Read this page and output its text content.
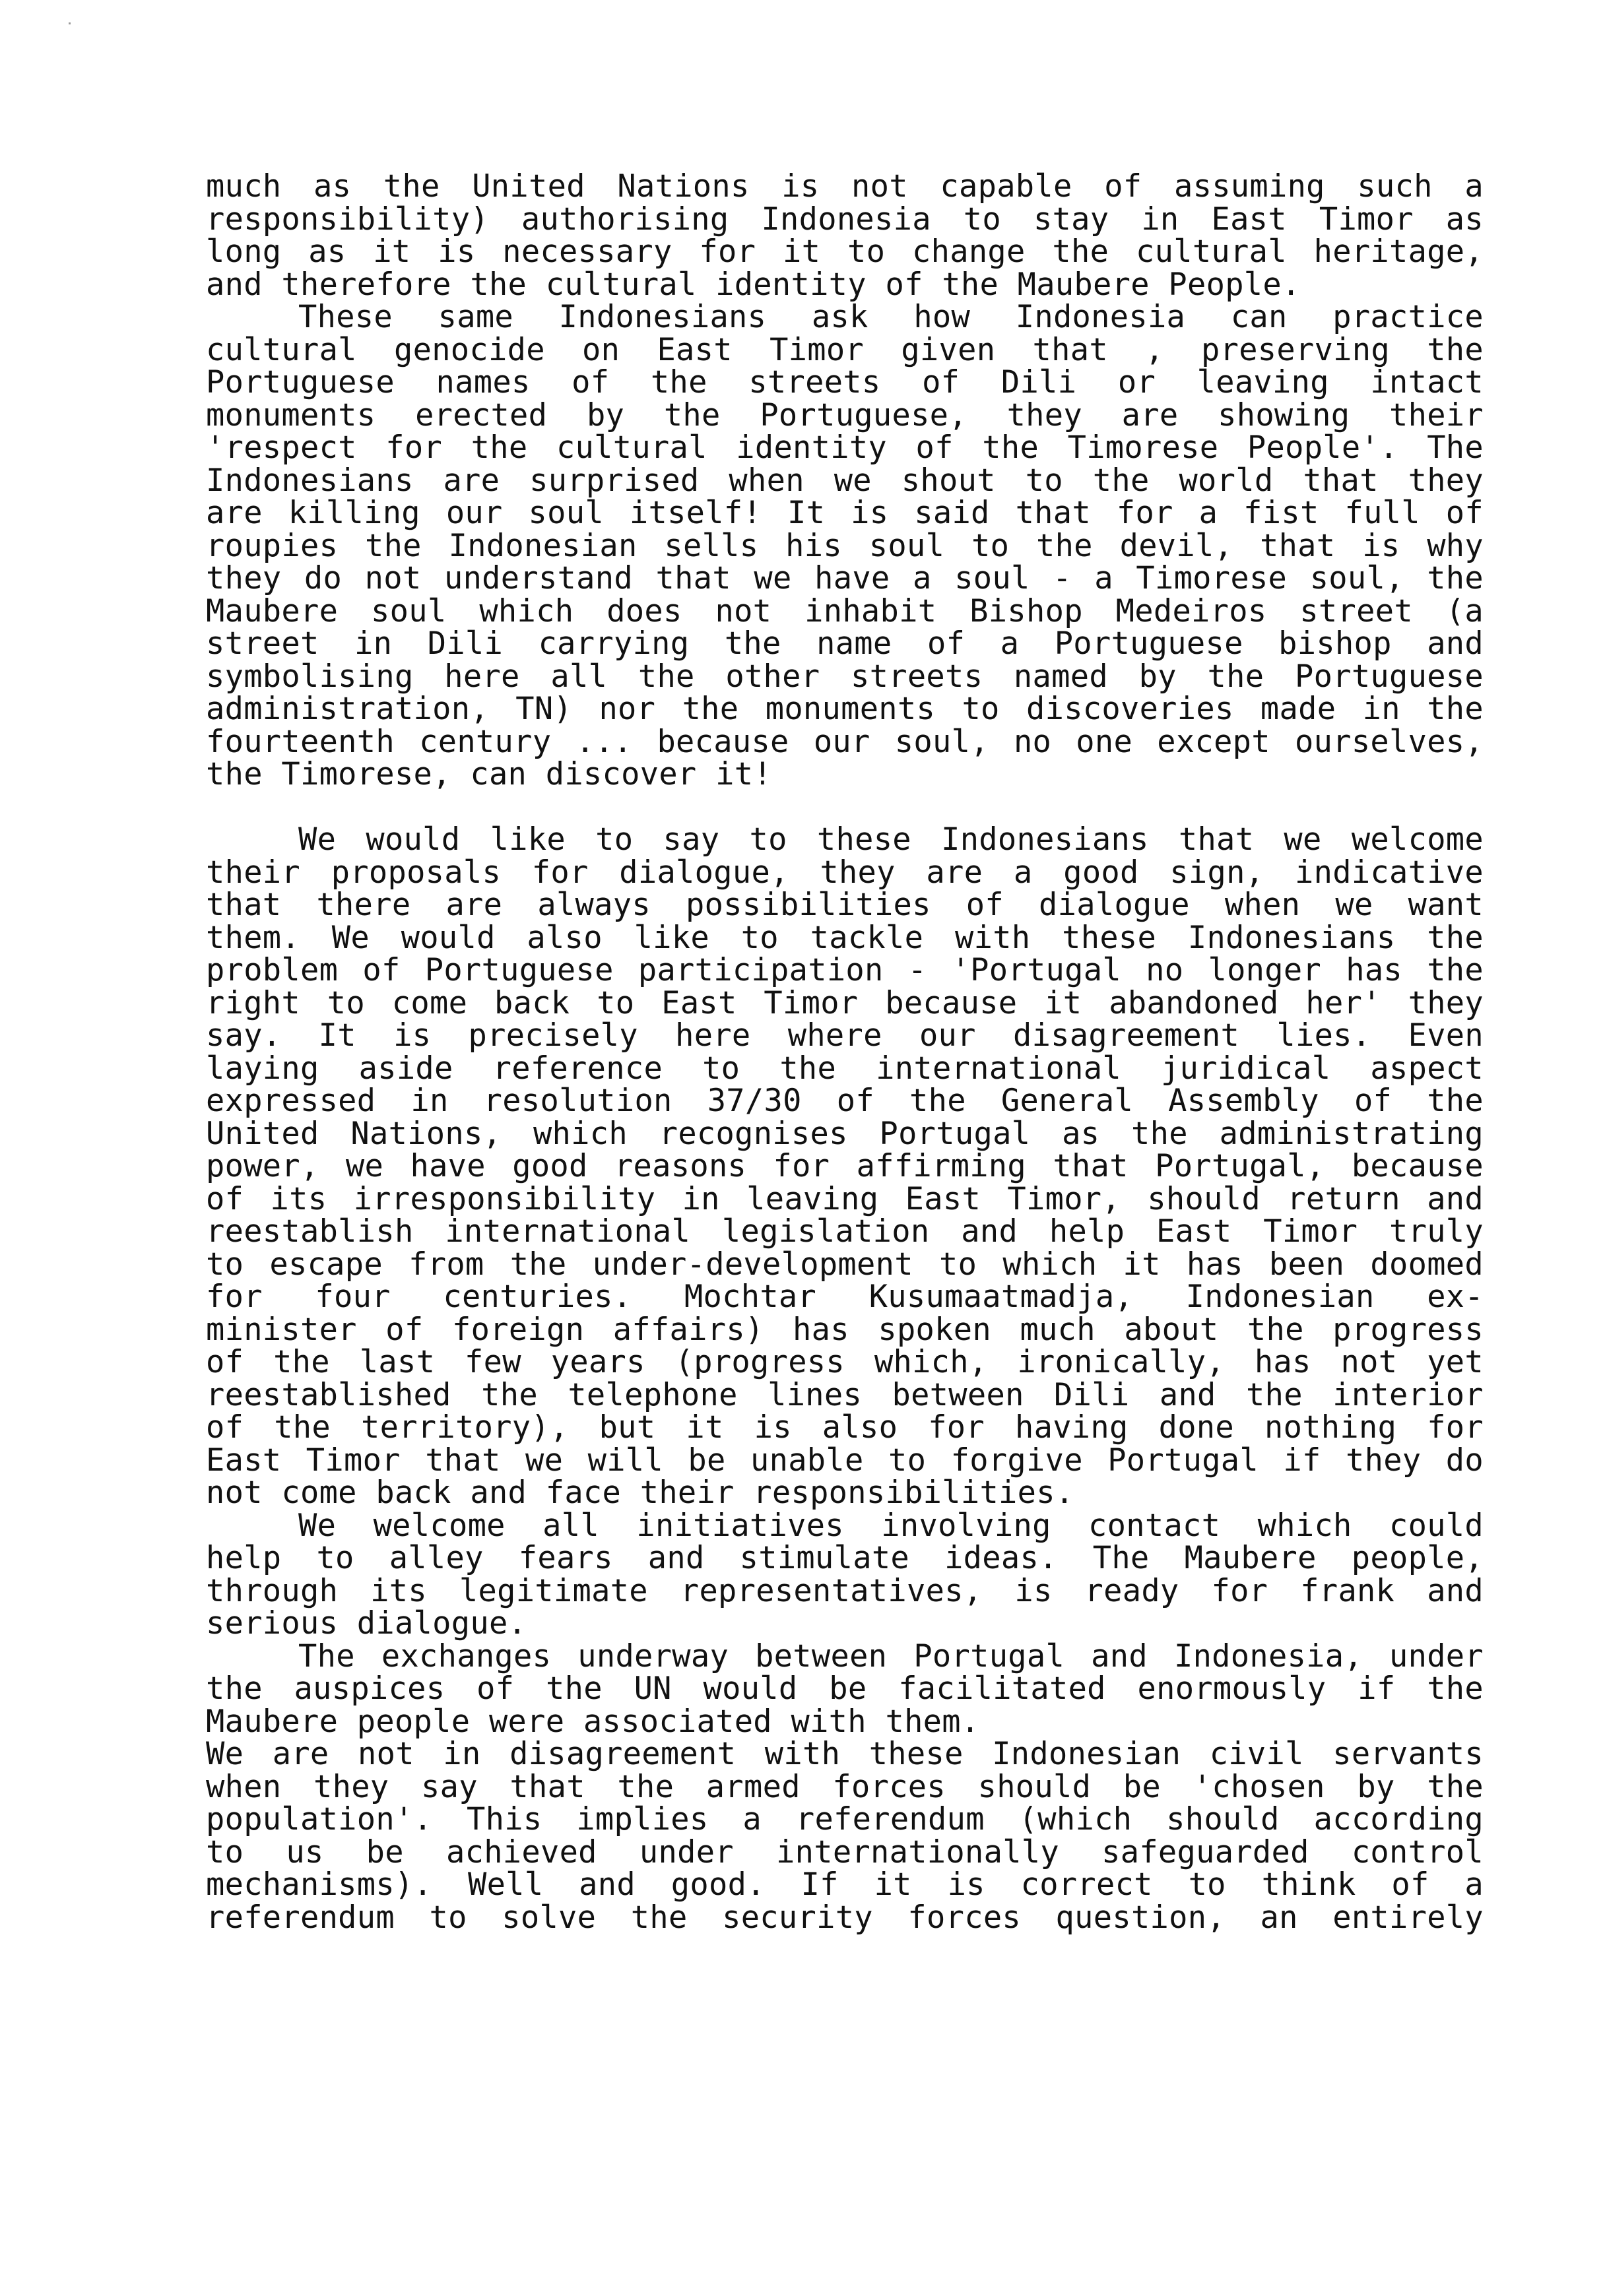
much as the United Nations is not capable of assuming such a
responsibility) authorising Indonesia to stay in East Timor as
long as it is necessary for it to change the cultural heritage,
and therefore the cultural identity of the Maubere People.
These same Indonesians ask how Indonesia can practice
cultural genocide on East Timor given that , preserving the
Portuguese names of the streets of Dili or leaving intact
monuments erected by the Portuguese, they are showing their
'respect for the cultural identity of the Timorese People'. The
Indonesians are surprised when we shout to the world that they
are killing our soul itself! It is said that for a fist full of
roupies the Indonesian sells his soul to the devil, that is why
they do not understand that we have a soul - a Timorese soul, the
Maubere soul which does not inhabit Bishop Medeiros street (a
street in Dili carrying the name of a Portuguese bishop and
symbolising here all the other streets named by the Portuguese
administration, TN) nor the monuments to discoveries made in the
fourteenth century ... because our soul, no one except ourselves,
the Timorese, can discover it!
We would like to say to these Indonesians that we welcome
their proposals for dialogue, they are a good sign, indicative
that there are always possibilities of dialogue when we want
them. We would also like to tackle with these Indonesians the
problem of Portuguese participation - 'Portugal no longer has the
right to come back to East Timor because it abandoned her' they
say. It is precisely here where our disagreement lies. Even
laying aside reference to the international juridical aspect
expressed in resolution 37/30 of the General Assembly of the
United Nations, which recognises Portugal as the administrating
power, we have good reasons for affirming that Portugal, because
of its irresponsibility in leaving East Timor, should return and
reestablish international legislation and help East Timor truly
to escape from the under-development to which it has been doomed
for four centuries. Mochtar Kusumaatmadja, Indonesian ex-
minister of foreign affairs) has spoken much about the progress
of the last few years (progress which, ironically, has not yet
reestablished the telephone lines between Dili and the interior
of the territory), but it is also for having done nothing for
East Timor that we will be unable to forgive Portugal if they do
not come back and face their responsibilities.
We welcome all initiatives involving contact which could
help to alley fears and stimulate ideas. The Maubere people,
through its legitimate representatives, is ready for frank and
serious dialogue.
The exchanges underway between Portugal and Indonesia, under
the auspices of the UN would be facilitated enormously if the
Maubere people were associated with them.
We are not in disagreement with these Indonesian civil servants
when they say that the armed forces should be 'chosen by the
population'. This implies a referendum (which should according
to us be achieved under internationally safeguarded control
mechanisms). Well and good. If it is correct to think of a
referendum to solve the security forces question, an entirely
